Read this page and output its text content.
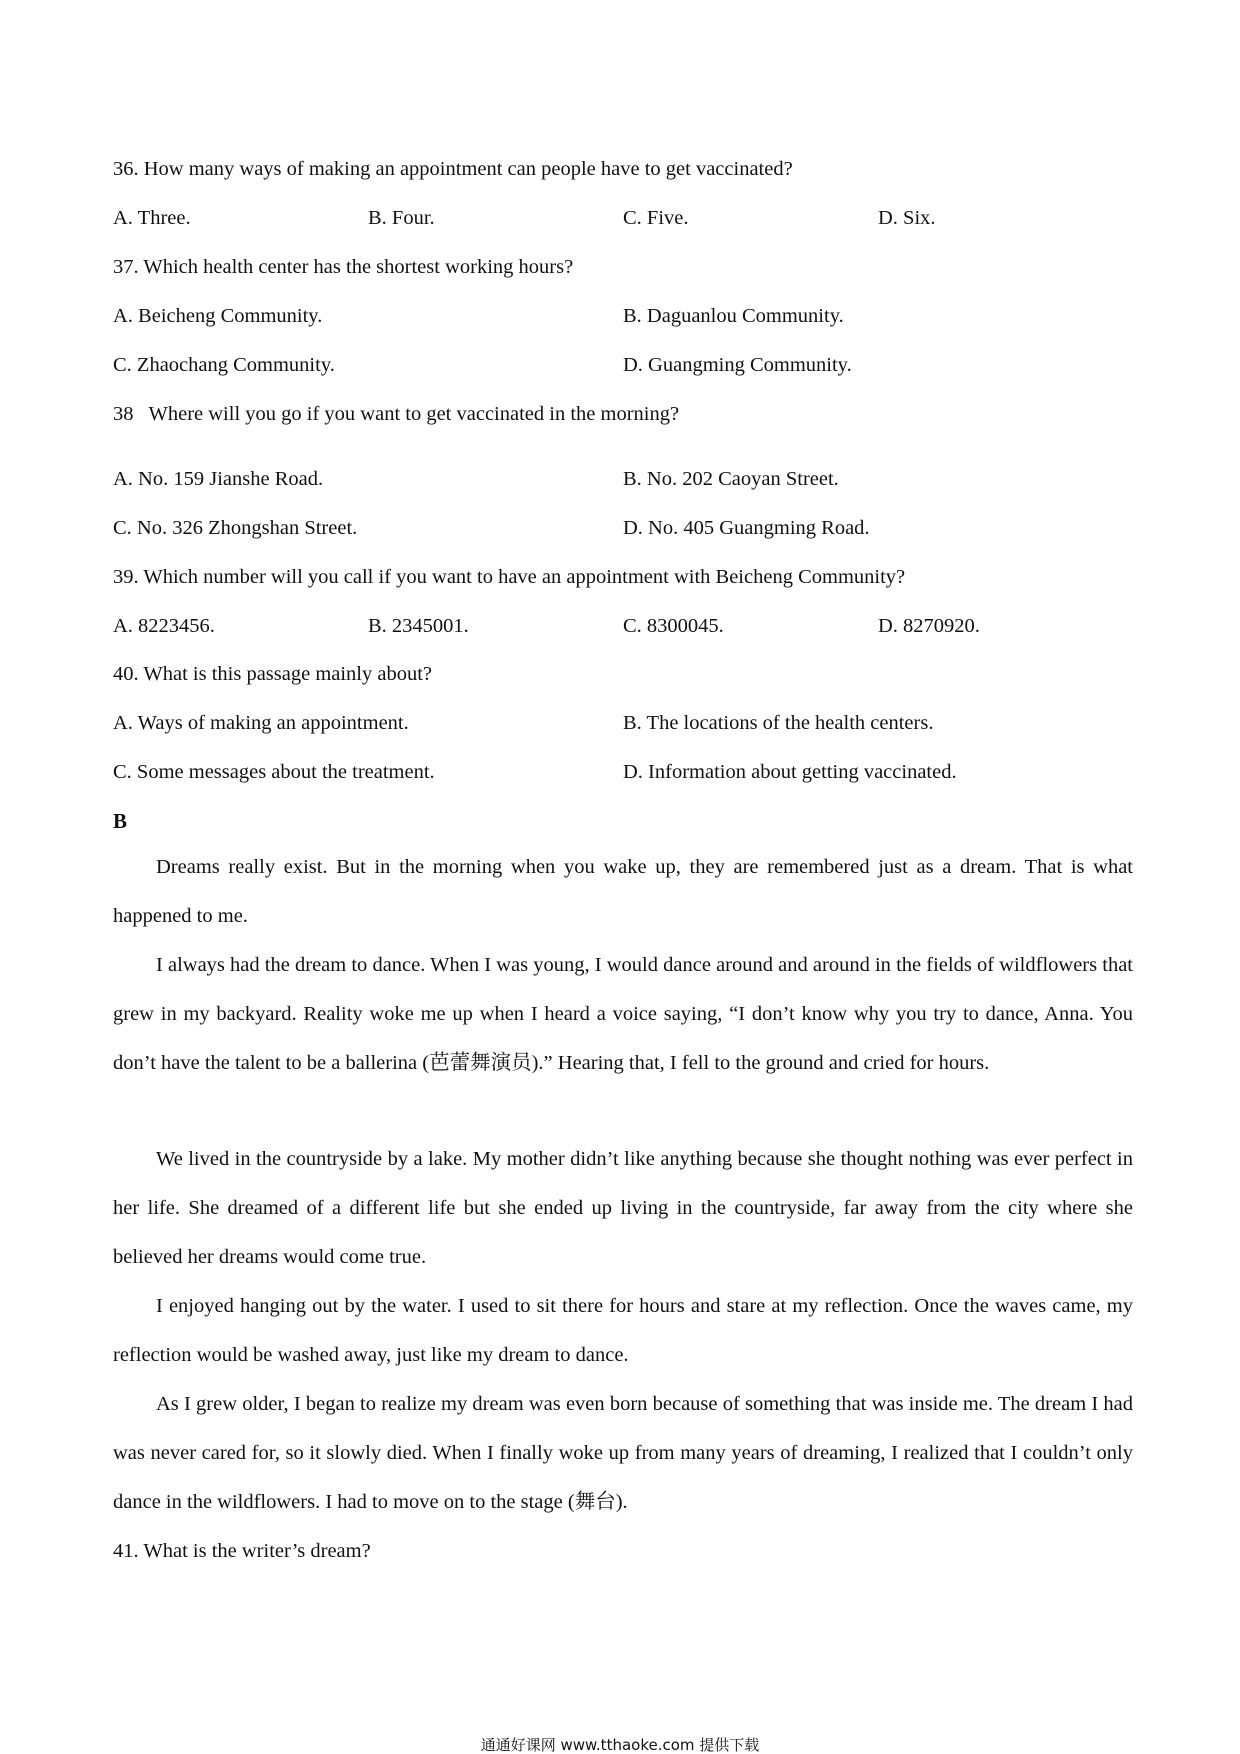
36. How many ways of making an appointment can people have to get vaccinated?
A. Three.	B. Four.	C. Five.	D. Six.
37. Which health center has the shortest working hours?
A. Beicheng Community.	B. Daguanlou Community.
C. Zhaochang Community.	D. Guangming Community.
38   Where will you go if you want to get vaccinated in the morning?
A. No. 159 Jianshe Road.	B. No. 202 Caoyan Street.
C. No. 326 Zhongshan Street.	D. No. 405 Guangming Road.
39. Which number will you call if you want to have an appointment with Beicheng Community?
A. 8223456.	B. 2345001.	C. 8300045.	D. 8270920.
40. What is this passage mainly about?
A. Ways of making an appointment.	B. The locations of the health centers.
C. Some messages about the treatment.	D. Information about getting vaccinated.
B

Dreams really exist. But in the morning when you wake up, they are remembered just as a dream. That is what happened to me.

I always had the dream to dance. When I was young, I would dance around and around in the fields of wildflowers that grew in my backyard. Reality woke me up when I heard a voice saying, “I don’t know why you try to dance, Anna. You don’t have the talent to be a ballerina (芭蕾舞演员).” Hearing that, I fell to the ground and cried for hours.

We lived in the countryside by a lake. My mother didn’t like anything because she thought nothing was ever perfect in her life. She dreamed of a different life but she ended up living in the countryside, far away from the city where she believed her dreams would come true.

I enjoyed hanging out by the water. I used to sit there for hours and stare at my reflection. Once the waves came, my reflection would be washed away, just like my dream to dance.

As I grew older, I began to realize my dream was even born because of something that was inside me. The dream I had was never cared for, so it slowly died. When I finally woke up from many years of dreaming, I realized that I couldn’t only dance in the wildflowers. I had to move on to the stage (舞台).

41. What is the writer’s dream?
通通好课网 www.tthaoke.com 提供下载
